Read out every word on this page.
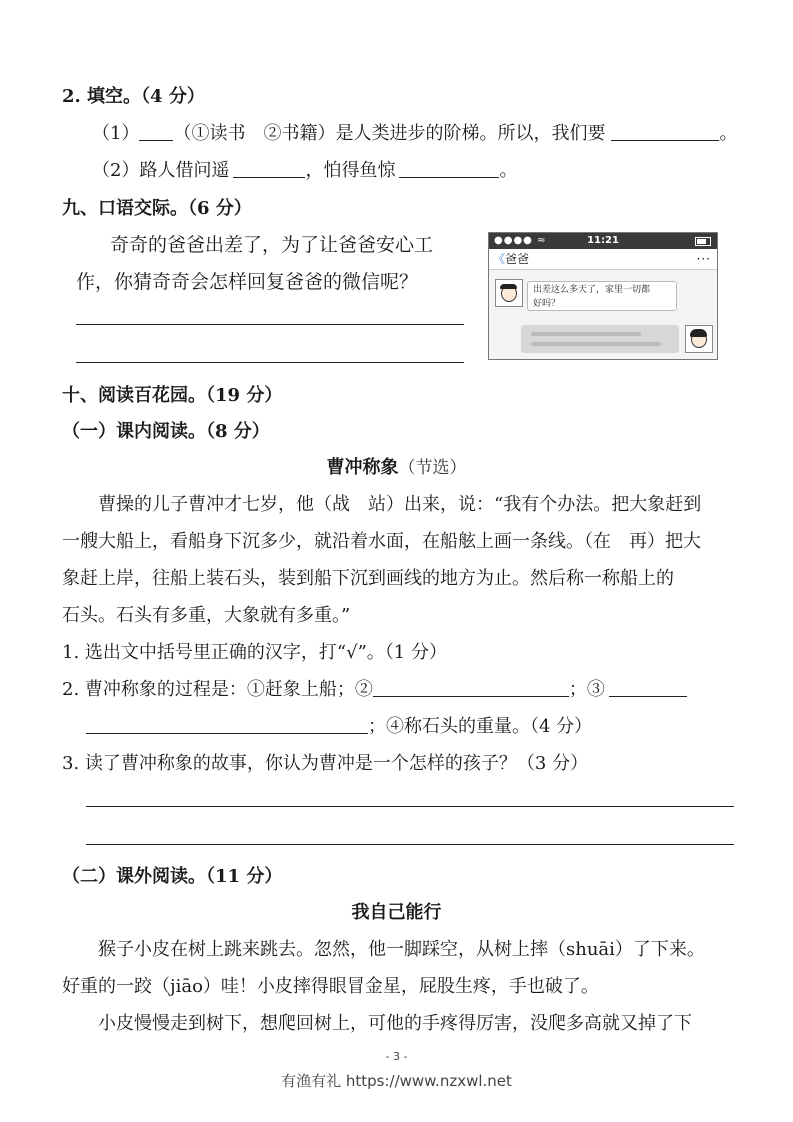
2. 填空。（4 分）
（1） （①读书　②书籍）是人类进步的阶梯。所以，我们要	。
（2）路人借问遥	，怕得鱼惊	。
九、口语交际。（6 分）
奇奇的爸爸出差了，为了让爸爸安心工
作，你猜奇奇会怎样回复爸爸的微信呢？
●●●● ≈	11:21
《 爸爸	···
出差这么多天了，家里一切都
好吗？
十、阅读百花园。（19 分）
（一）课内阅读。（8 分）
曹冲称象（节选）
曹操的儿子曹冲才七岁，他（战　站）出来，说：“我有个办法。把大象赶到
一艘大船上，看船身下沉多少，就沿着水面，在船舷上画一条线。（在　再）把大
象赶上岸，往船上装石头，装到船下沉到画线的地方为止。然后称一称船上的
石头。石头有多重，大象就有多重。”
1. 选出文中括号里正确的汉字，打“√”。（1 分）
2. 曹冲称象的过程是：①赶象上船；②	；③
；④称石头的重量。（4 分）
3. 读了曹冲称象的故事，你认为曹冲是一个怎样的孩子？（3 分）
（二）课外阅读。（11 分）
我自己能行
猴子小皮在树上跳来跳去。忽然，他一脚踩空，从树上摔（shuāi）了下来。
好重的一跤（jiāo）哇！小皮摔得眼冒金星，屁股生疼，手也破了。
小皮慢慢走到树下，想爬回树上，可他的手疼得厉害，没爬多高就又掉了下
- 3 -
有渔有礼 https://www.nzxwl.net
